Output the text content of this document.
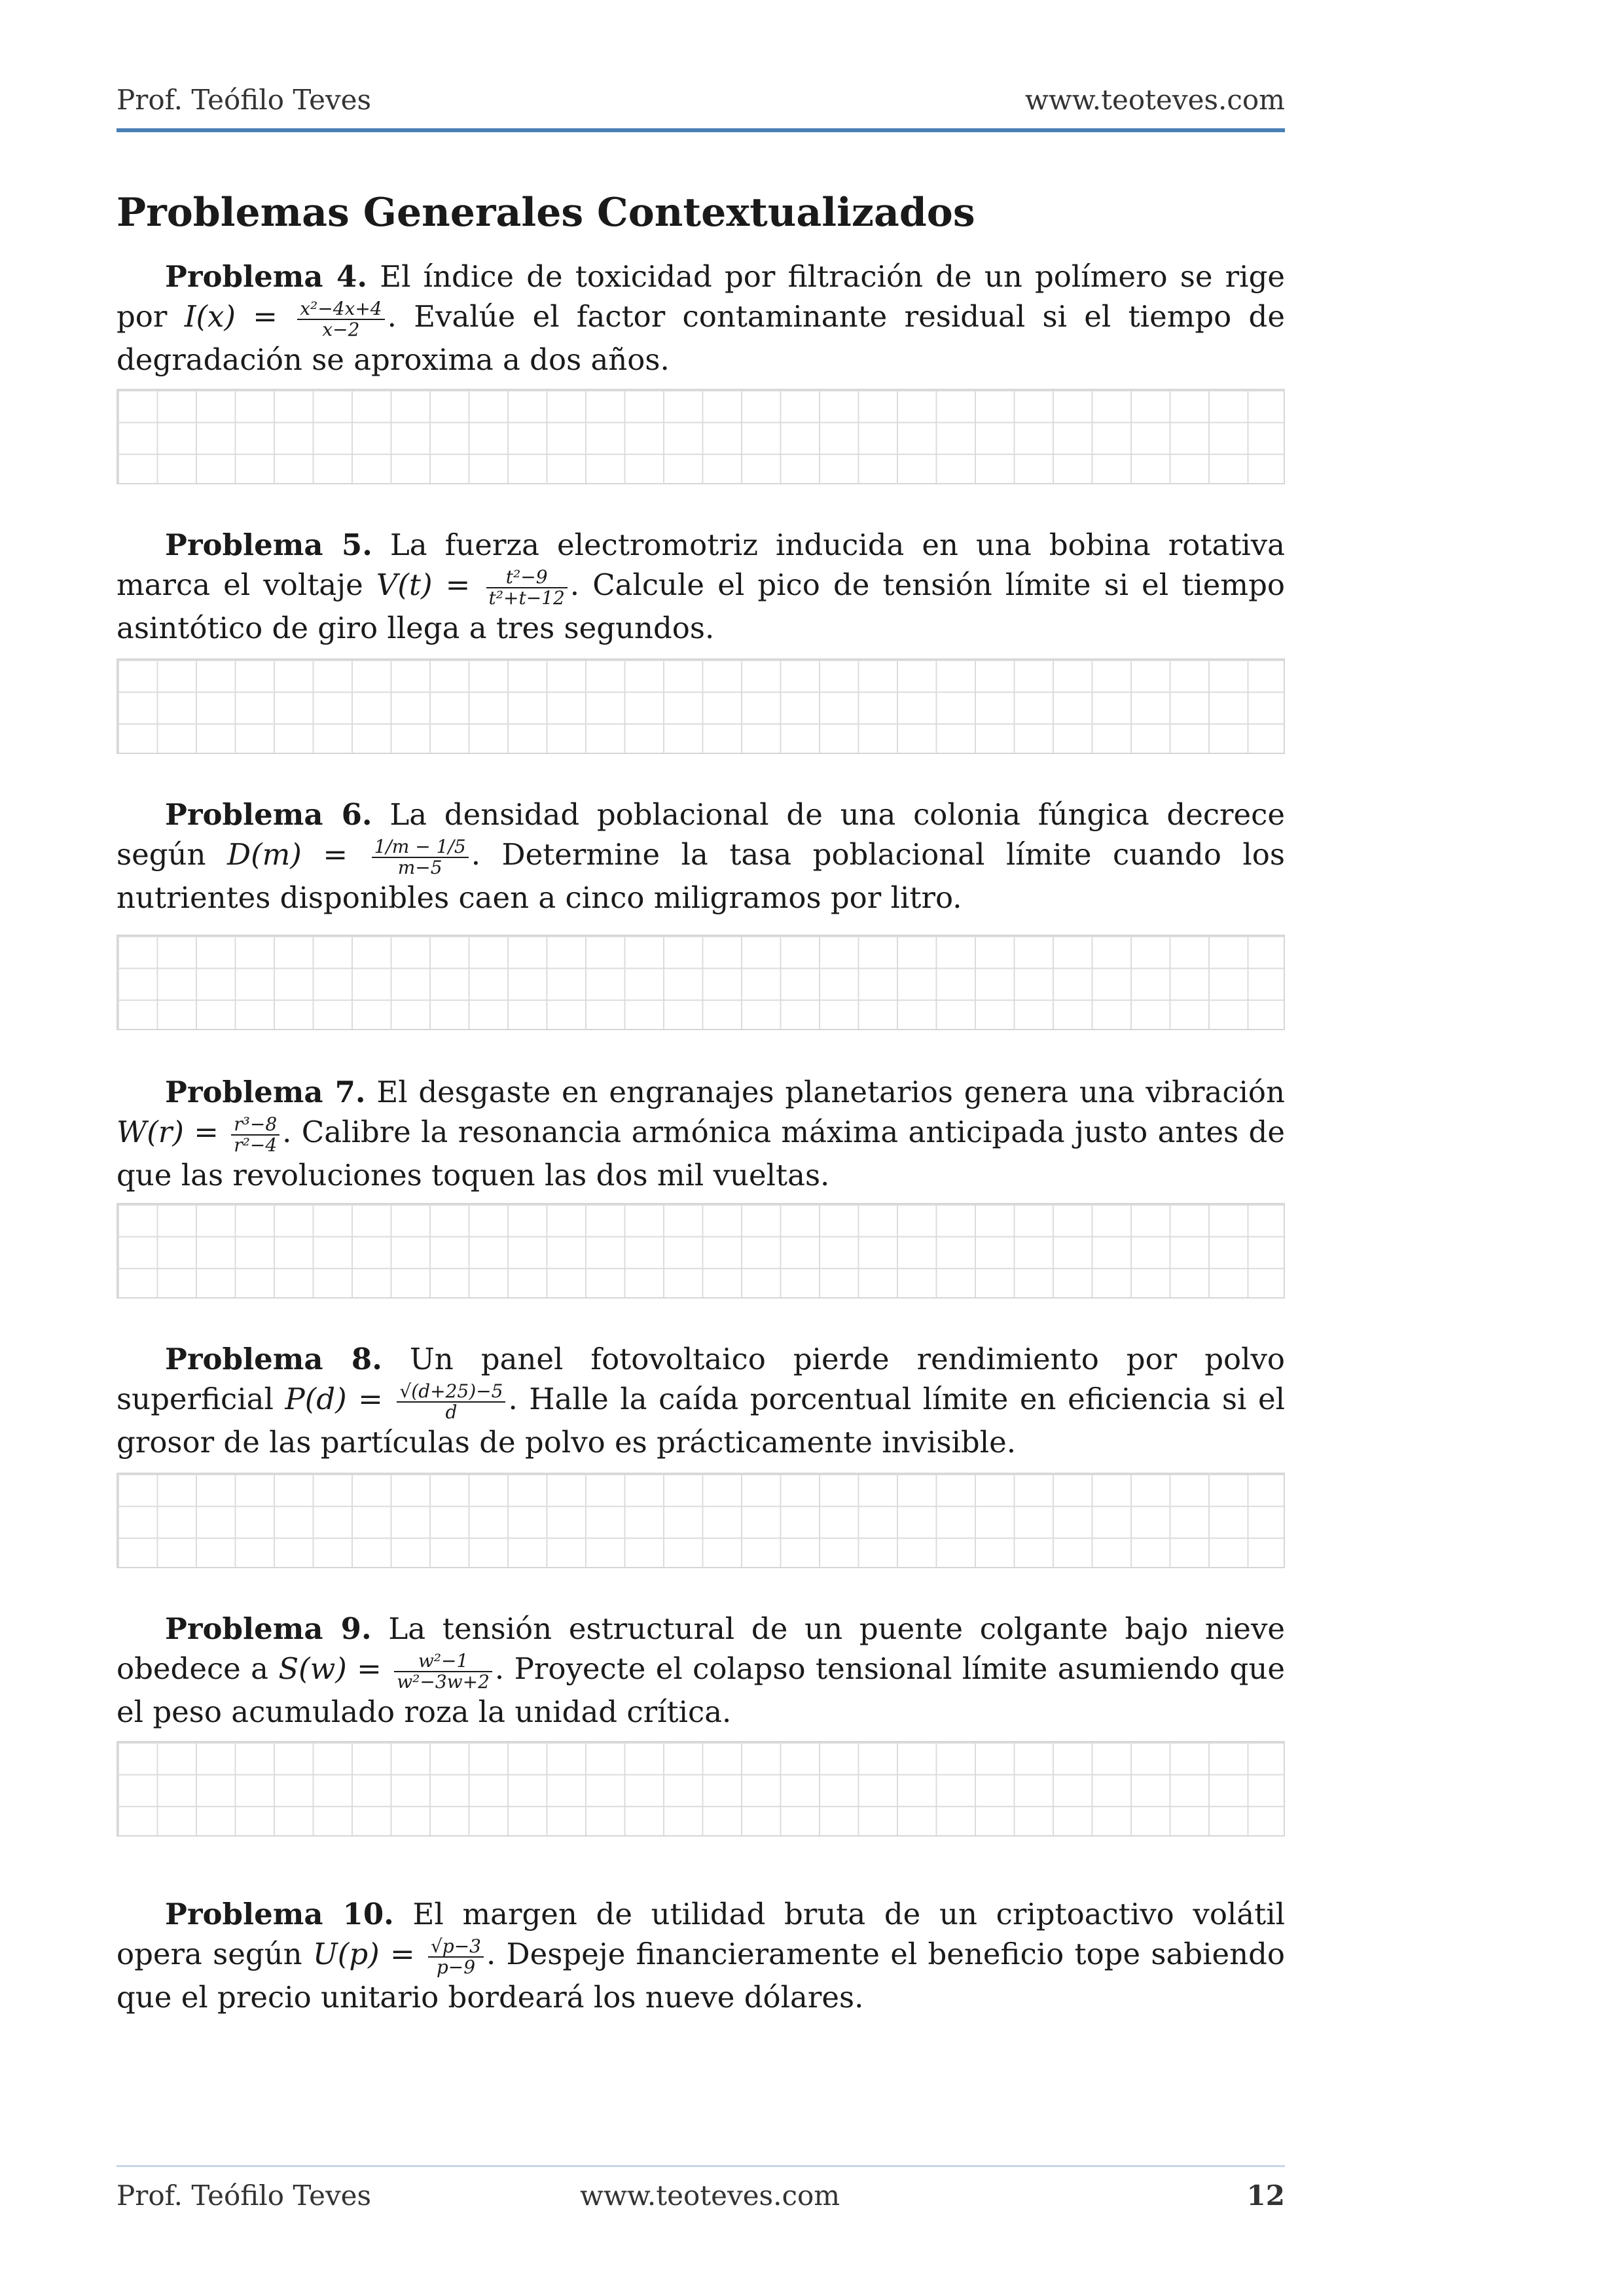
Prof. Teófilo Teves	www.teoteves.com
Problemas Generales Contextualizados
Problema 4. El índice de toxicidad por filtración de un polímero se rige por $I(x) = \frac{\text{x²−4x+4}}{x-2}$ . Evalúe el factor contaminante residual si el tiempo de degradación se aproxima a dos años.
Problema 5. La fuerza electromotriz inducida en una bobina rotativa marca el voltaje $V(t) = \frac{\text{t²−9}}{\text{t²+t−12}}$ . Calcule el pico de tensión límite si el tiempo asintótico de giro llega a tres segundos.
Problema 6. La densidad poblacional de una colonia fúngica decrece según $D(m) = \frac{1/m - 1/5}{m-5}$ . Determine la tasa poblacional límite cuando los nutrientes disponibles caen a cinco miligramos por litro.
Problema 7. El desgaste en engranajes planetarios genera una vibración $W(r) = \frac{\text{r³−8}}{\text{r²−4}}$ . Calibre la resonancia armónica máxima anticipada justo antes de que las revoluciones toquen las dos mil vueltas.
Problema 8. Un panel fotovoltaico pierde rendimiento por polvo superficial $P(d) = \frac{√(d+25)-5}{d}$ . Halle la caída porcentual límite en eficiencia si el grosor de las partículas de polvo es prácticamente invisible.
Problema 9. La tensión estructural de un puente colgante bajo nieve obedece a $S(w) = \frac{\text{w²−1}}{\text{w²−3w+2}}$ . Proyecte el colapso tensional límite asumiendo que el peso acumulado roza la unidad crítica.
Problema 10. El margen de utilidad bruta de un criptoactivo volátil opera según $U(p) = \frac{√p-3}{p-9}$ . Despeje financieramente el beneficio tope sabiendo que el precio unitario bordeará los nueve dólares.
Prof. Teófilo Teves	www.teoteves.com	12
